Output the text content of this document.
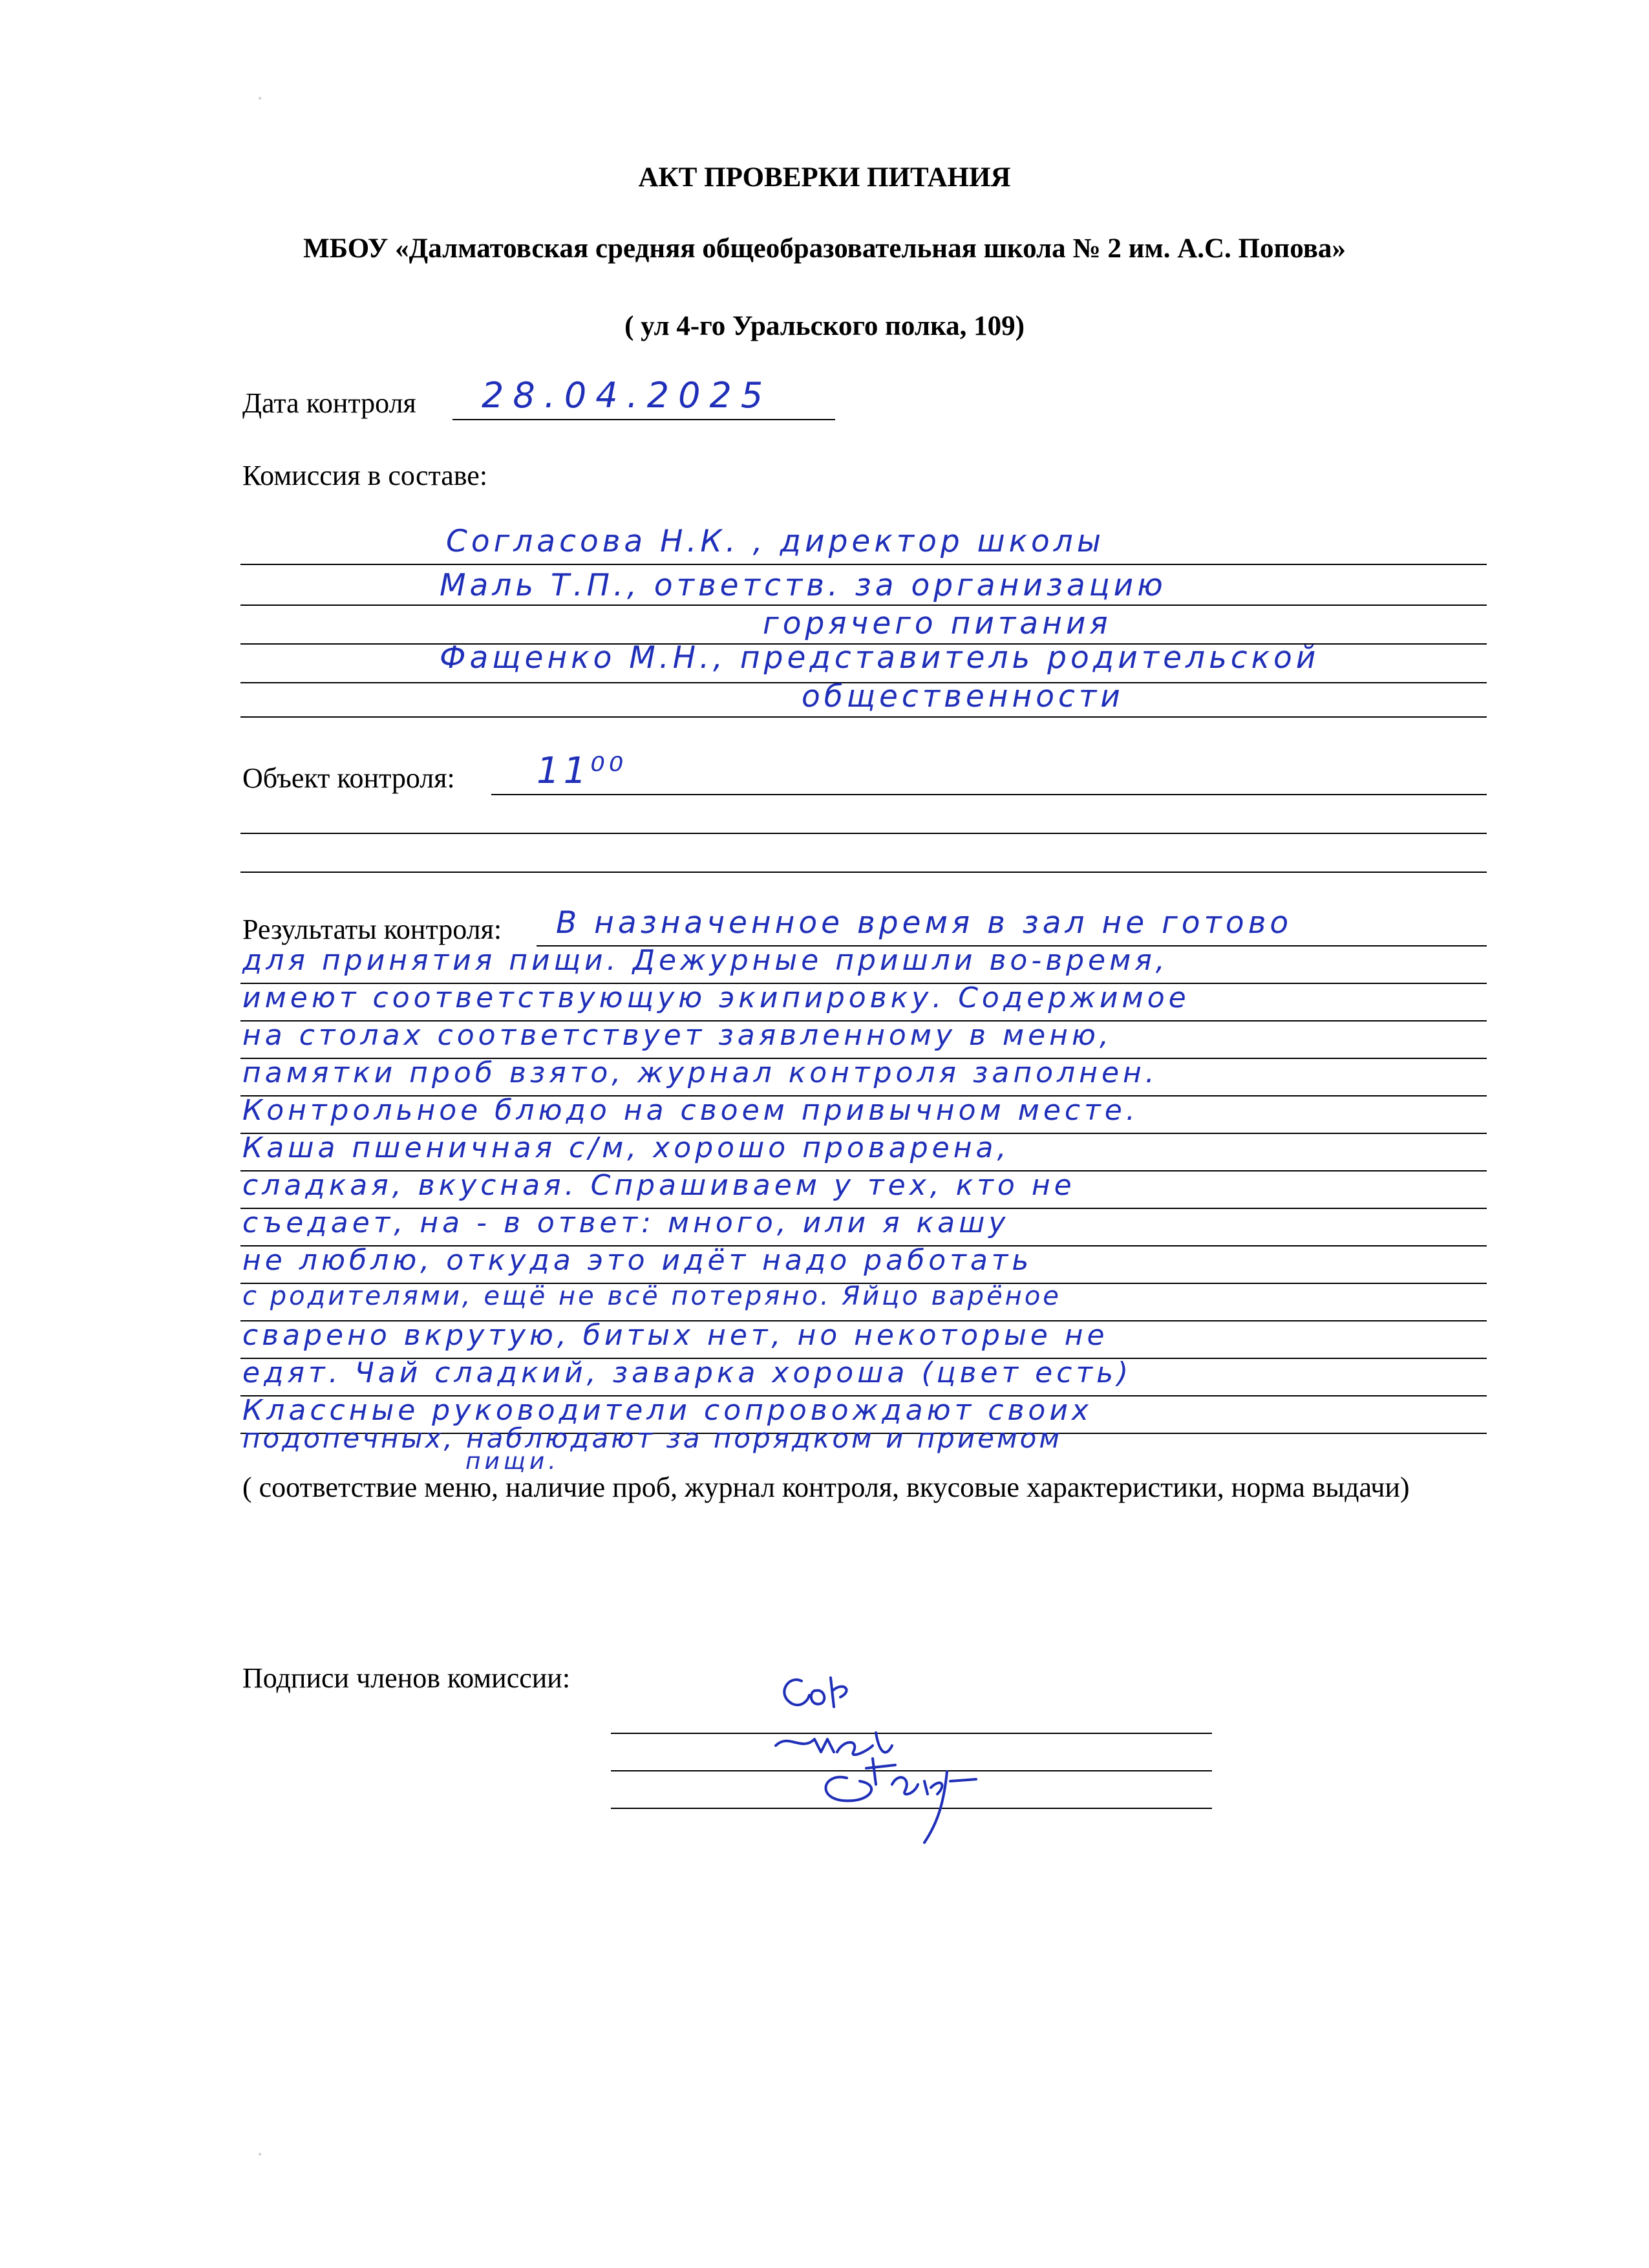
АКТ ПРОВЕРКИ ПИТАНИЯ
МБОУ «Далматовская средняя общеобразовательная школа № 2 им. А.С. Попова»
( ул 4-го Уральского полка, 109)
Дата контроля 28.04.2025
Комиссия в составе:
Согласова Н.К. , директор школы
Маль Т.П., ответств. за организацию
горячего питания
Фащенко М.Н., представитель родительской
общественности
Объект контроля: 11⁰⁰
Результаты контроля: В назначенное время в зал не готово
для принятия пищи. Дежурные пришли во-время,
имеют соответствующую экипировку. Содержимое
на столах соответствует заявленному в меню,
памятки проб взято, журнал контроля заполнен.
Контрольное блюдо на своем привычном месте.
Каша пшеничная с/м, хорошо проварена,
сладкая, вкусная. Спрашиваем у тех, кто не
съедает, на - в ответ: много, или я кашу
не люблю, откуда это идёт надо работать
с родителями, ещё не всё потеряно. Яйцо варёное
сварено вкрутую, битых нет, но некоторые не
едят. Чай сладкий, заварка хороша (цвет есть)
Классные руководители сопровождают своих
подопечных, наблюдают за порядком и приемом
пищи.
( соответствие меню, наличие проб, журнал контроля, вкусовые характеристики, норма выдачи)
Подписи членов комиссии:
